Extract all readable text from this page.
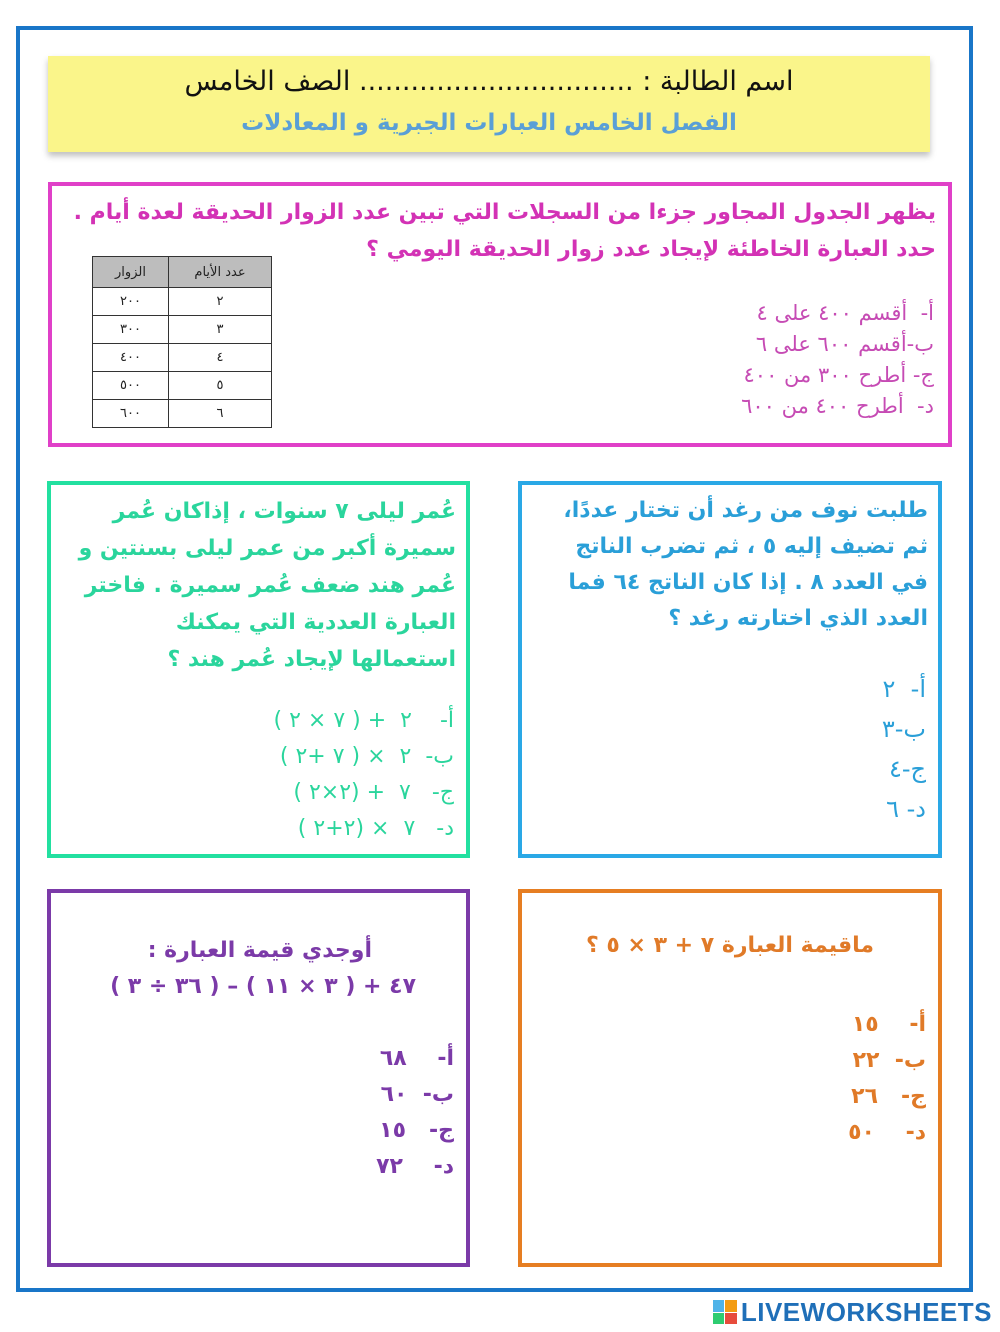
اسم الطالبة : ................................ الصف الخامس
الفصل الخامس العبارات الجبرية و المعادلات
يظهر الجدول المجاور جزءا من السجلات التي تبين عدد الزوار الحديقة لعدة أيام .
حدد العبارة الخاطئة لإيجاد عدد زوار الحديقة اليومي ؟
أ-  أقسم ٤٠٠ على ٤
ب-أقسم ٦٠٠ على ٦
ج- أطرح ٣٠٠ من ٤٠٠
د-  أطرح ٤٠٠ من ٦٠٠
عدد الأيام	الزوار
٢	٢٠٠
٣	٣٠٠
٤	٤٠٠
٥	٥٠٠
٦	٦٠٠
عُمر ليلى ٧ سنوات ، إذاكان عُمر
سميرة أكبر من عمر ليلى بسنتين و
عُمر هند ضعف عُمر سميرة . فاختر
العبارة العددية التي يمكنك
استعمالها لإيجاد عُمر هند ؟
أ-    ٢  + ( ٧ × ٢ )
ب-  ٢  × ( ٧ +٢ )
ج-   ٧  + (٢×٢ )
د-   ٧  × (٢+٢ )
طلبت نوف من رغد أن تختار عددًا،
ثم تضيف إليه ٥ ، ثم تضرب الناتج
في العدد ٨ . إذا كان الناتج ٦٤ فما
العدد الذي اختارته رغد ؟
أ-  ٢
ب-٣
ج-٤
د- ٦
أوجدي قيمة العبارة :
٤٧ + ( ٣ × ١١ ) – ( ٣٦ ÷ ٣ )
أ-    ٦٨
ب-  ٦٠
ج-   ١٥
د-    ٧٢
ماقيمة العبارة ٧ + ٣ × ٥ ؟
أ-    ١٥
ب-  ٢٢
ج-   ٢٦
د-    ٥٠
LIVEWORKSHEETS
